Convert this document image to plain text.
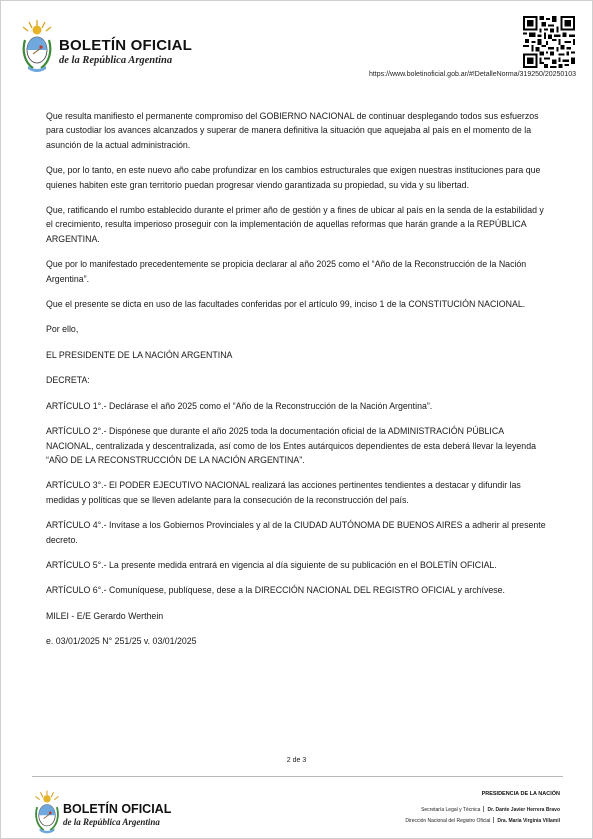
BOLETÍN OFICIAL
de la República Argentina
https://www.boletinoficial.gob.ar/#!DetalleNorma/319250/20250103

Que resulta manifiesto el permanente compromiso del GOBIERNO NACIONAL de continuar desplegando todos sus esfuerzos para custodiar los avances alcanzados y superar de manera definitiva la situación que aquejaba al país en el momento de la asunción de la actual administración.

Que, por lo tanto, en este nuevo año cabe profundizar en los cambios estructurales que exigen nuestras instituciones para que quienes habiten este gran territorio puedan progresar viendo garantizada su propiedad, su vida y su libertad.

Que, ratificando el rumbo establecido durante el primer año de gestión y a fines de ubicar al país en la senda de la estabilidad y el crecimiento, resulta imperioso proseguir con la implementación de aquellas reformas que harán grande a la REPÚBLICA ARGENTINA.

Que por lo manifestado precedentemente se propicia declarar al año 2025 como el “Año de la Reconstrucción de la Nación Argentina”.

Que el presente se dicta en uso de las facultades conferidas por el artículo 99, inciso 1 de la CONSTITUCIÓN NACIONAL.

Por ello,

EL PRESIDENTE DE LA NACIÓN ARGENTINA

DECRETA:

ARTÍCULO 1°.- Declárase el año 2025 como el “Año de la Reconstrucción de la Nación Argentina”.

ARTÍCULO 2°.- Dispónese que durante el año 2025 toda la documentación oficial de la ADMINISTRACIÓN PÚBLICA NACIONAL, centralizada y descentralizada, así como de los Entes autárquicos dependientes de esta deberá llevar la leyenda “AÑO DE LA RECONSTRUCCIÓN DE LA NACIÓN ARGENTINA”.

ARTÍCULO 3°.- El PODER EJECUTIVO NACIONAL realizará las acciones pertinentes tendientes a destacar y difundir las medidas y políticas que se lleven adelante para la consecución de la reconstrucción del país.

ARTÍCULO 4°.- Invítase a los Gobiernos Provinciales y al de la CIUDAD AUTÓNOMA DE BUENOS AIRES a adherir al presente decreto.

ARTÍCULO 5°.- La presente medida entrará en vigencia al día siguiente de su publicación en el BOLETÍN OFICIAL.

ARTÍCULO 6°.- Comuníquese, publíquese, dese a la DIRECCIÓN NACIONAL DEL REGISTRO OFICIAL y archívese.

MILEI - E/E Gerardo Werthein

e. 03/01/2025 N° 251/25 v. 03/01/2025

2 de 3
BOLETÍN OFICIAL
de la República Argentina
PRESIDENCIA DE LA NACIÓN
Secretaría Legal y Técnica Dr. Dante Javier Herrera Bravo
Dirección Nacional del Registro Oficial Dra. María Virginia Villamil
